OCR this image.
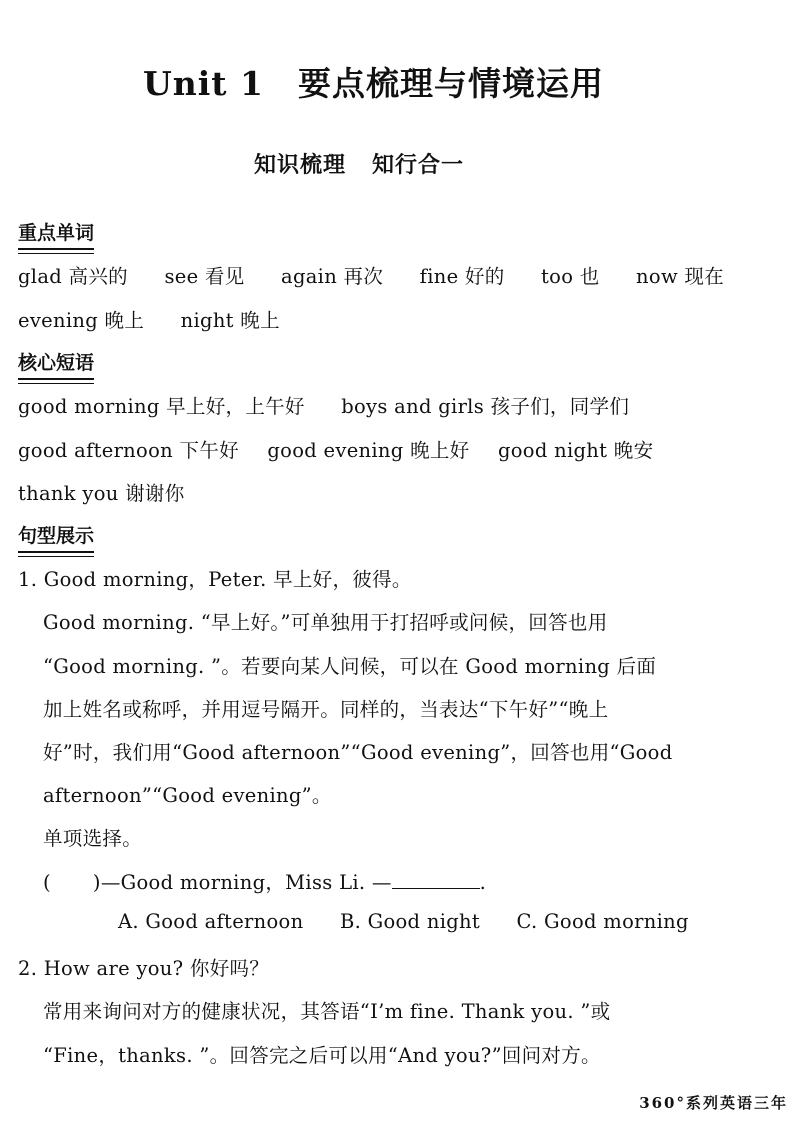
Unit 1 要点梳理与情境运用
知识梳理 知行合一
重点单词
glad 高兴的 see 看见 again 再次 fine 好的 too 也 now 现在
evening 晚上 night 晚上
核心短语
good morning 早上好，上午好 boys and girls 孩子们，同学们
good afternoon 下午好 good evening 晚上好 good night 晚安
thank you 谢谢你
句型展示
1. Good morning，Peter. 早上好，彼得。
Good morning. “早上好。”可单独用于打招呼或问候，回答也用
“Good morning. ”。若要向某人问候，可以在 Good morning 后面
加上姓名或称呼，并用逗号隔开。同样的，当表达“下午好”“晚上
好”时，我们用“Good afternoon”“Good evening”，回答也用“Good
afternoon”“Good evening”。
单项选择。
( )—Good morning，Miss Li. —	.
A. Good afternoon B. Good night C. Good morning
2. How are you? 你好吗？
常用来询问对方的健康状况，其答语“I’m fine. Thank you. ”或
“Fine，thanks. ”。回答完之后可以用“And you?”回问对方。
360°系列英语三年
